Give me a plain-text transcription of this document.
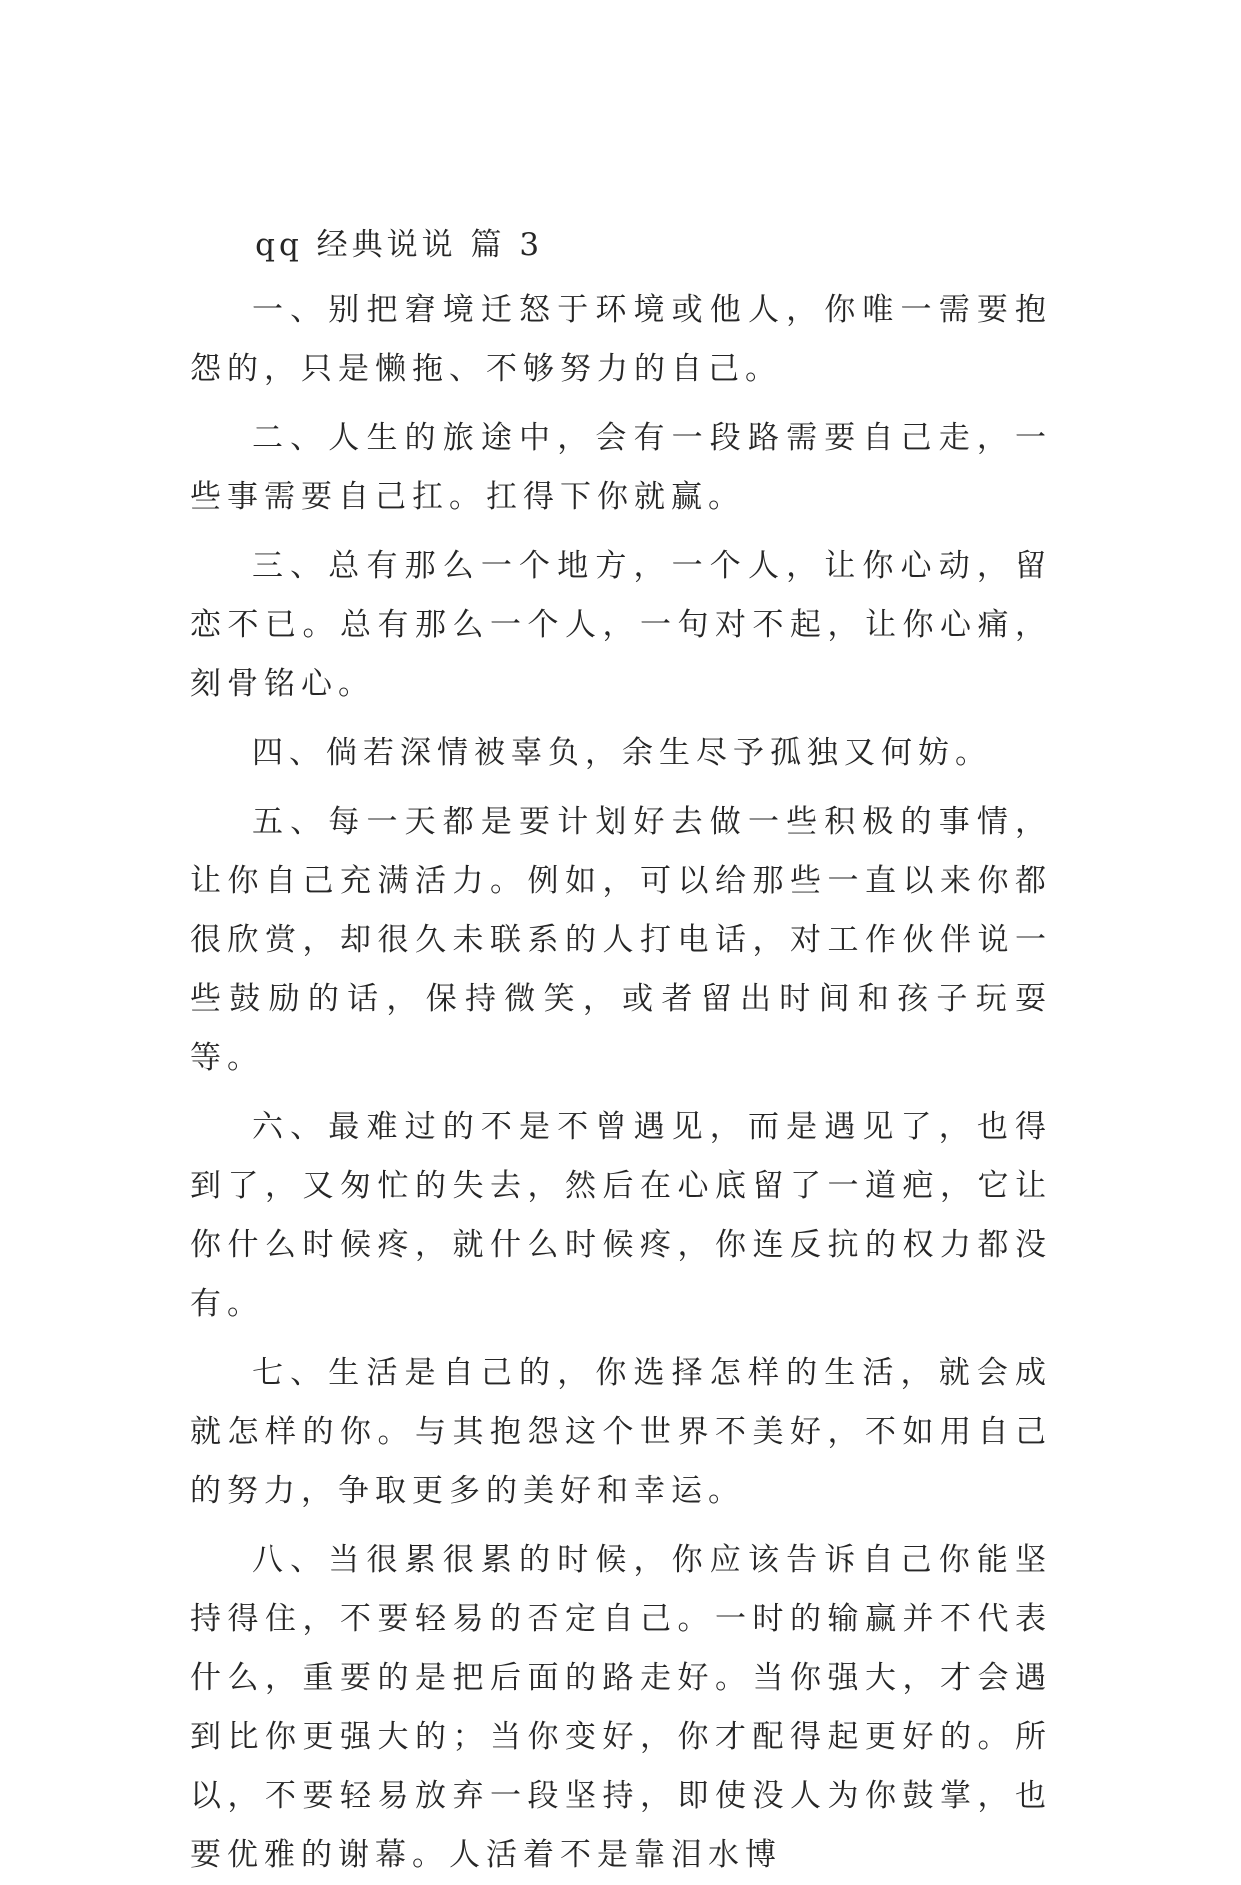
qq 经典说说 篇 3

一、别把窘境迁怒于环境或他人，你唯一需要抱怨的，只是懒拖、不够努力的自己。

二、人生的旅途中，会有一段路需要自己走，一些事需要自己扛。扛得下你就赢。

三、总有那么一个地方，一个人，让你心动，留恋不已。总有那么一个人，一句对不起，让你心痛，刻骨铭心。

四、倘若深情被辜负，余生尽予孤独又何妨。

五、每一天都是要计划好去做一些积极的事情，让你自己充满活力。例如，可以给那些一直以来你都很欣赏，却很久未联系的人打电话，对工作伙伴说一些鼓励的话，保持微笑，或者留出时间和孩子玩耍等。

六、最难过的不是不曾遇见，而是遇见了，也得到了，又匆忙的失去，然后在心底留了一道疤，它让你什么时候疼，就什么时候疼，你连反抗的权力都没有。

七、生活是自己的，你选择怎样的生活，就会成就怎样的你。与其抱怨这个世界不美好，不如用自己的努力，争取更多的美好和幸运。

八、当很累很累的时候，你应该告诉自己你能坚持得住，不要轻易的否定自己。一时的输赢并不代表什么，重要的是把后面的路走好。当你强大，才会遇到比你更强大的；当你变好，你才配得起更好的。所以，不要轻易放弃一段坚持，即使没人为你鼓掌，也要优雅的谢幕。人活着不是靠泪水博
